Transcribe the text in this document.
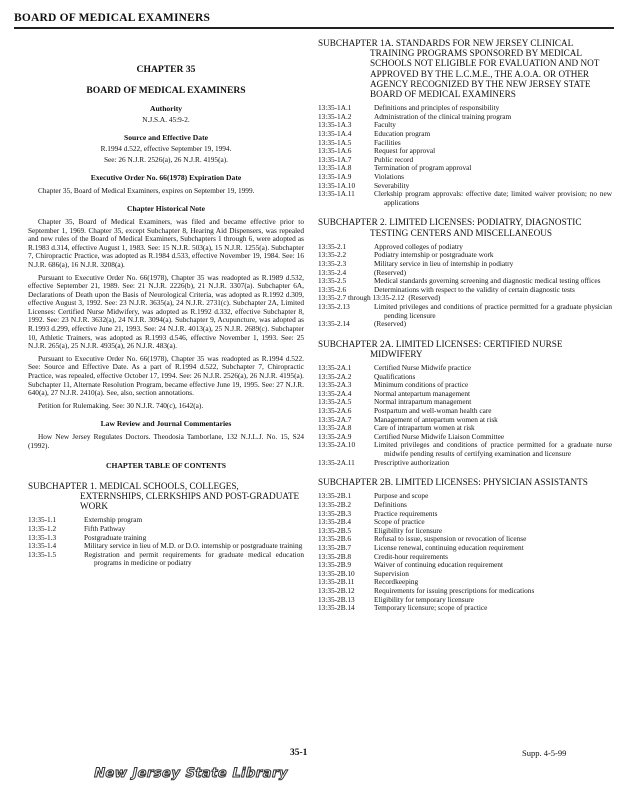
BOARD OF MEDICAL EXAMINERS
CHAPTER 35
BOARD OF MEDICAL EXAMINERS
Authority
N.J.S.A. 45:9-2.
Source and Effective Date
R.1994 d.522, effective September 19, 1994.
See: 26 N.J.R. 2526(a), 26 N.J.R. 4195(a).
Executive Order No. 66(1978) Expiration Date

Chapter 35, Board of Medical Examiners, expires on September 19, 1999.

Chapter Historical Note

Chapter 35, Board of Medical Examiners, was filed and became effective prior to September 1, 1969. Chapter 35, except Subchapter 8, Hearing Aid Dispensers, was repealed and new rules of the Board of Medical Examiners, Subchapters 1 through 6, were adopted as R.1983 d.314, effective August 1, 1983. See: 15 N.J.R. 503(a), 15 N.J.R. 1255(a). Subchapter 7, Chiropractic Practice, was adopted as R.1984 d.533, effective November 19, 1984. See: 16 N.J.R. 686(a), 16 N.J.R. 3208(a).

Pursuant to Executive Order No. 66(1978), Chapter 35 was readopted as R.1989 d.532, effective September 21, 1989. See: 21 N.J.R. 2226(b), 21 N.J.R. 3307(a). Subchapter 6A, Declarations of Death upon the Basis of Neurological Criteria, was adopted as R.1992 d.309, effective August 3, 1992. See: 23 N.J.R. 3635(a), 24 N.J.R. 2731(c). Subchapter 2A, Limited Licenses: Certified Nurse Midwifery, was adopted as R.1992 d.332, effective Subchapter 8, 1992. See: 23 N.J.R. 3632(a), 24 N.J.R. 3094(a). Subchapter 9, Acupuncture, was adopted as R.1993 d.299, effective June 21, 1993. See: 24 N.J.R. 4013(a), 25 N.J.R. 2689(c). Subchapter 10, Athletic Trainers, was adopted as R.1993 d.546, effective November 1, 1993. See: 25 N.J.R. 265(a), 25 N.J.R. 4935(a), 26 N.J.R. 483(a).

Pursuant to Executive Order No. 66(1978), Chapter 35 was readopted as R.1994 d.522. See: Source and Effective Date. As a part of R.1994 d.522, Subchapter 7, Chiropractic Practice, was repealed, effective October 17, 1994. See: 26 N.J.R. 2526(a), 26 N.J.R. 4195(a). Subchapter 11, Alternate Resolution Program, became effective June 19, 1995. See: 27 N.J.R. 640(a), 27 N.J.R. 2410(a). See, also, section annotations.

Petition for Rulemaking. See: 30 N.J.R. 740(c), 1642(a).

Law Review and Journal Commentaries

How New Jersey Regulates Doctors. Theodosia Tamborlane, 132 N.J.L.J. No. 15, S24 (1992).

CHAPTER TABLE OF CONTENTS
SUBCHAPTER 1. MEDICAL SCHOOLS, COLLEGES, EXTERNSHIPS, CLERKSHIPS AND POST-GRADUATE WORK
13:35-1.1	Externship program
13:35-1.2	Fifth Pathway
13:35-1.3	Postgraduate training
13:35-1.4	Military service in lieu of M.D. or D.O. internship or postgraduate training
13:35-1.5	Registration and permit requirements for graduate medical education programs in medicine or podiatry
SUBCHAPTER 1A. STANDARDS FOR NEW JERSEY CLINICAL TRAINING PROGRAMS SPONSORED BY MEDICAL SCHOOLS NOT ELIGIBLE FOR EVALUATION AND NOT APPROVED BY THE L.C.M.E., THE A.O.A. OR OTHER AGENCY RECOGNIZED BY THE NEW JERSEY STATE BOARD OF MEDICAL EXAMINERS
13:35-1A.1	Definitions and principles of responsibility
13:35-1A.2	Administration of the clinical training program
13:35-1A.3	Faculty
13:35-1A.4	Education program
13:35-1A.5	Facilities
13:35-1A.6	Request for approval
13:35-1A.7	Public record
13:35-1A.8	Termination of program approval
13:35-1A.9	Violations
13:35-1A.10	Severability
13:35-1A.11	Clerkship program approvals: effective date; limited waiver provision; no new applications
SUBCHAPTER 2. LIMITED LICENSES: PODIATRY, DIAGNOSTIC TESTING CENTERS AND MISCELLANEOUS
13:35-2.1	Approved colleges of podiatry
13:35-2.2	Podiatry internship or postgraduate work
13:35-2.3	Military service in lieu of internship in podiatry
13:35-2.4	(Reserved)
13:35-2.5	Medical standards governing screening and diagnostic medical testing offices
13:35-2.6	Determinations with respect to the validity of certain diagnostic tests
13:35-2.7 through 13:35-2.12 (Reserved)
13:35-2.13	Limited privileges and conditions of practice permitted for a graduate physician pending licensure
13:35-2.14	(Reserved)
SUBCHAPTER 2A. LIMITED LICENSES: CERTIFIED NURSE MIDWIFERY
13:35-2A.1	Certified Nurse Midwife practice
13:35-2A.2	Qualifications
13:35-2A.3	Minimum conditions of practice
13:35-2A.4	Normal antepartum management
13:35-2A.5	Normal intrapartum management
13:35-2A.6	Postpartum and well-woman health care
13:35-2A.7	Management of antepartum women at risk
13:35-2A.8	Care of intrapartum women at risk
13:35-2A.9	Certified Nurse Midwife Liaison Committee
13:35-2A.10	Limited privileges and conditions of practice permitted for a graduate nurse midwife pending results of certifying examination and licensure
13:35-2A.11	Prescriptive authorization
SUBCHAPTER 2B. LIMITED LICENSES: PHYSICIAN ASSISTANTS
13:35-2B.1	Purpose and scope
13:35-2B.2	Definitions
13:35-2B.3	Practice requirements
13:35-2B.4	Scope of practice
13:35-2B.5	Eligibility for licensure
13:35-2B.6	Refusal to issue, suspension or revocation of license
13:35-2B.7	License renewal, continuing education requirement
13:35-2B.8	Credit-hour requirements
13:35-2B.9	Waiver of continuing education requirement
13:35-2B.10	Supervision
13:35-2B.11	Recordkeeping
13:35-2B.12	Requirements for issuing prescriptions for medications
13:35-2B.13	Eligibility for temporary licensure
13:35-2B.14	Temporary licensure; scope of practice
35-1	Supp. 4-5-99
New Jersey State Library
